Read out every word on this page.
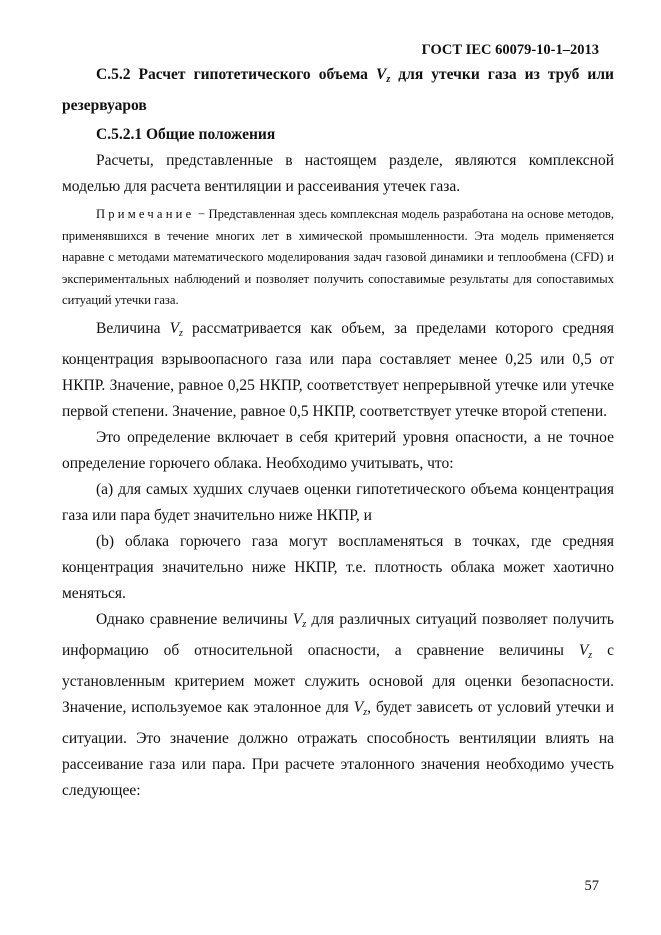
ГОСТ IEC 60079-10-1–2013

С.5.2 Расчет гипотетического объема $V_z$ для утечки газа из труб или резервуаров

С.5.2.1 Общие положения

Расчеты, представленные в настоящем разделе, являются комплексной моделью для расчета вентиляции и рассеивания утечек газа.

Примечание − Представленная здесь комплексная модель разработана на основе методов, применявшихся в течение многих лет в химической промышленности. Эта модель применяется наравне с методами математического моделирования задач газовой динамики и теплообмена (CFD) и экспериментальных наблюдений и позволяет получить сопоставимые результаты для сопоставимых ситуаций утечки газа.

Величина $V_z$ рассматривается как объем, за пределами которого средняя концентрация взрывоопасного газа или пара составляет менее 0,25 или 0,5 от НКПР. Значение, равное 0,25 НКПР, соответствует непрерывной утечке или утечке первой степени. Значение, равное 0,5 НКПР, соответствует утечке второй степени.

Это определение включает в себя критерий уровня опасности, а не точное определение горючего облака. Необходимо учитывать, что:

(a) для самых худших случаев оценки гипотетического объема концентрация газа или пара будет значительно ниже НКПР, и

(b) облака горючего газа могут воспламеняться в точках, где средняя концентрация значительно ниже НКПР, т.е. плотность облака может хаотично меняться.

Однако сравнение величины $V_z$ для различных ситуаций позволяет получить информацию об относительной опасности, а сравнение величины $V_z$ с установленным критерием может служить основой для оценки безопасности. Значение, используемое как эталонное для $V_z$, будет зависеть от условий утечки и ситуации. Это значение должно отражать способность вентиляции влиять на рассеивание газа или пара. При расчете эталонного значения необходимо учесть следующее:

57
